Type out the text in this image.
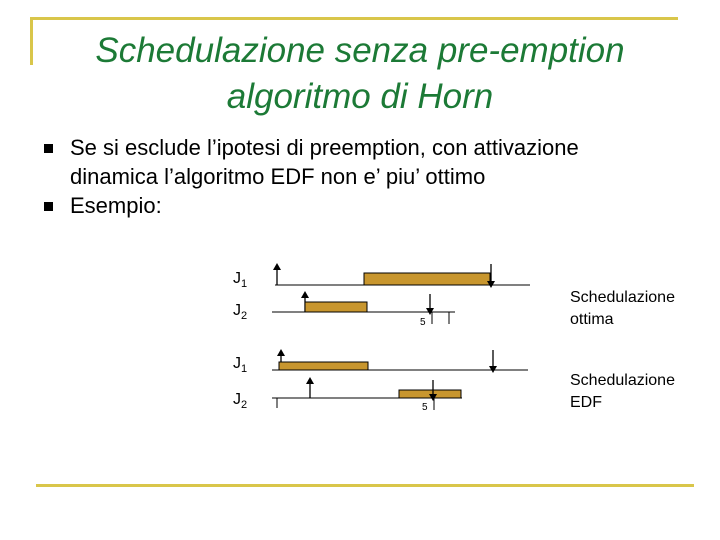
Schedulazione senza pre-emption
algoritmo di Horn
Se si esclude l’ipotesi di preemption, con attivazione
dinamica l’algoritmo EDF non e’ piu’ ottimo
Esempio:
$J_1$
$J_2$
$J_1$
$J_2$
Schedulazione
ottima
Schedulazione
EDF
5
5
